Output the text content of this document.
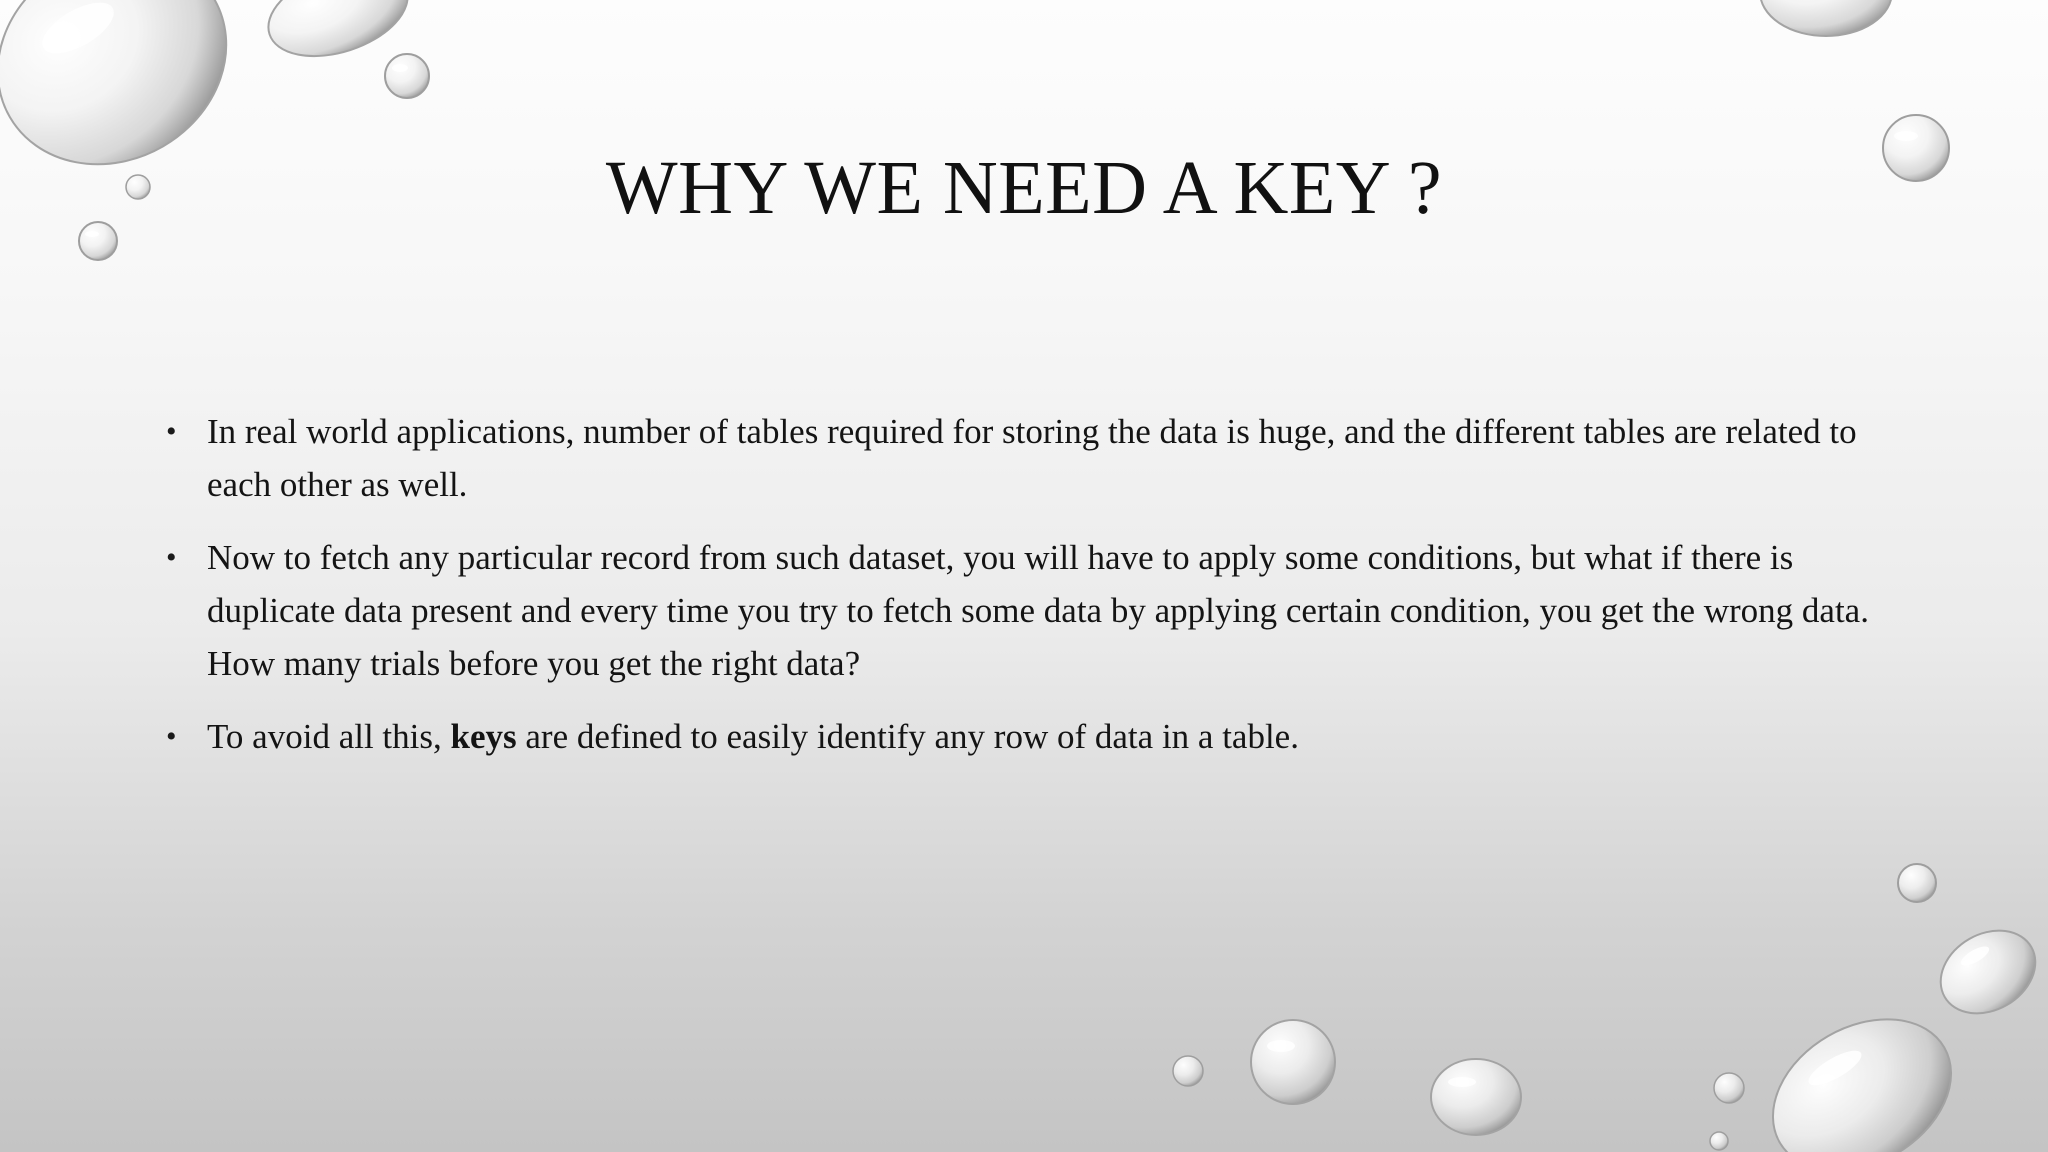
WHY WE NEED A KEY ?
• In real world applications, number of tables required for storing the data is huge, and the different tables are related to each other as well.
• Now to fetch any particular record from such dataset, you will have to apply some conditions, but what if there is duplicate data present and every time you try to fetch some data by applying certain condition, you get the wrong data. How many trials before you get the right data?
• To avoid all this, keys are defined to easily identify any row of data in a table.
